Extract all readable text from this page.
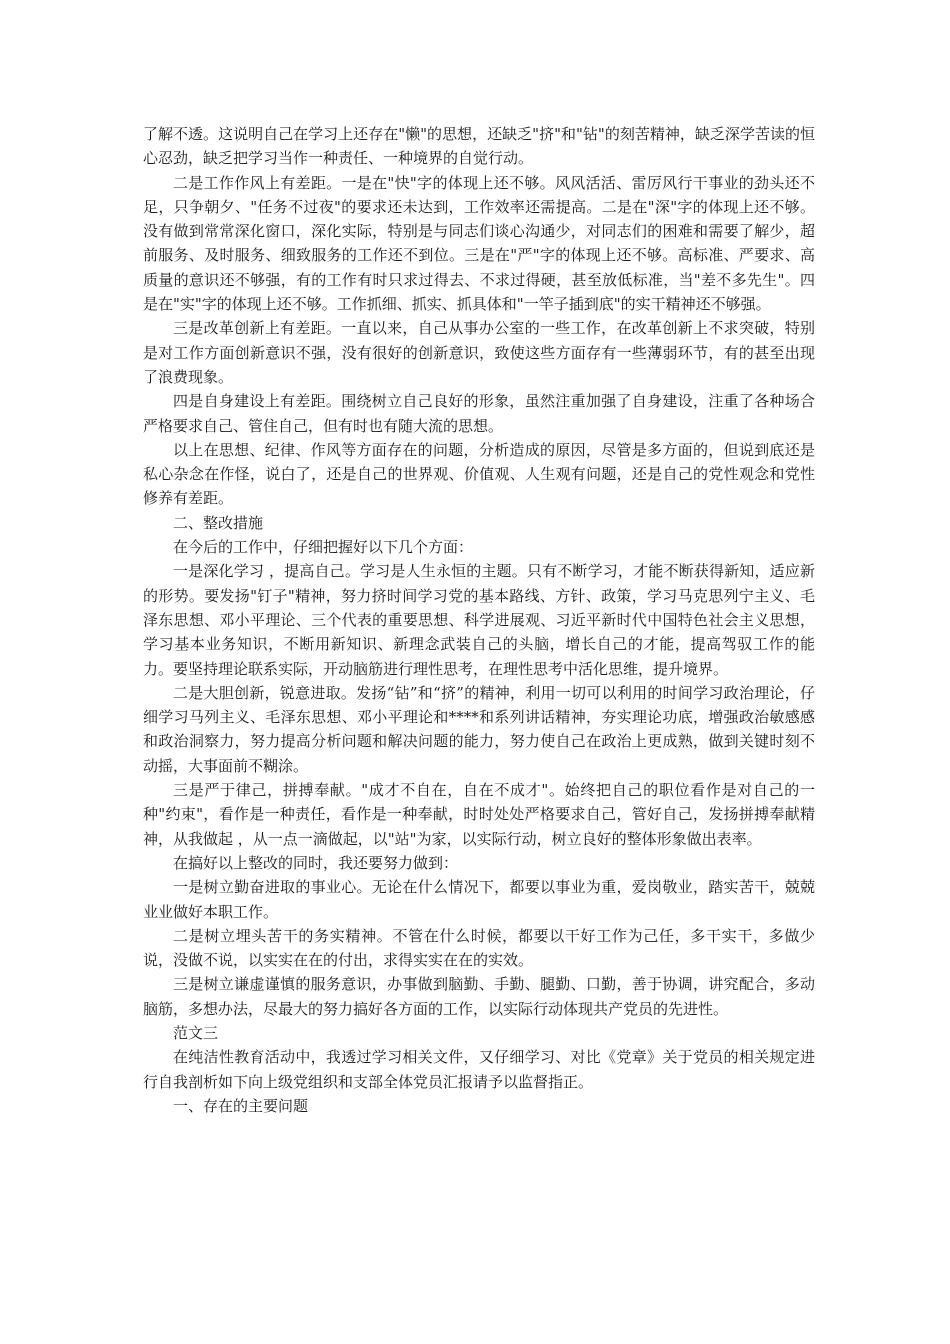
了解不透。这说明自己在学习上还存在"懒"的思想，还缺乏"挤"和"钻"的刻苦精神，缺乏深学苦读的恒心忍劲，缺乏把学习当作一种责任、一种境界的自觉行动。

二是工作作风上有差距。一是在"快"字的体现上还不够。风风活活、雷厉风行干事业的劲头还不足，只争朝夕、"任务不过夜"的要求还未达到，工作效率还需提高。二是在"深"字的体现上还不够。没有做到常常深化窗口，深化实际，特别是与同志们谈心沟通少，对同志们的困难和需要了解少，超前服务、及时服务、细致服务的工作还不到位。三是在"严"字的体现上还不够。高标准、严要求、高质量的意识还不够强，有的工作有时只求过得去、不求过得硬，甚至放低标准，当"差不多先生"。四是在"实"字的体现上还不够。工作抓细、抓实、抓具体和"一竿子插到底"的实干精神还不够强。

三是改革创新上有差距。一直以来，自己从事办公室的一些工作，在改革创新上不求突破，特别是对工作方面创新意识不强，没有很好的创新意识，致使这些方面存有一些薄弱环节，有的甚至出现了浪费现象。

四是自身建设上有差距。围绕树立自己良好的形象，虽然注重加强了自身建设，注重了各种场合严格要求自己、管住自己，但有时也有随大流的思想。

以上在思想、纪律、作风等方面存在的问题，分析造成的原因，尽管是多方面的，但说到底还是私心杂念在作怪，说白了，还是自己的世界观、价值观、人生观有问题，还是自己的党性观念和党性修养有差距。

二、整改措施

在今后的工作中，仔细把握好以下几个方面：

一是深化学习 ，提高自己。学习是人生永恒的主题。只有不断学习，才能不断获得新知，适应新的形势。要发扬"钉子"精神，努力挤时间学习党的基本路线、方针、政策，学习马克思列宁主义、毛泽东思想、邓小平理论、三个代表的重要思想、科学进展观、习近平新时代中国特色社会主义思想，学习基本业务知识，不断用新知识、新理念武装自己的头脑，增长自己的才能，提高驾驭工作的能力。要坚持理论联系实际，开动脑筋进行理性思考，在理性思考中活化思维，提升境界。

二是大胆创新，锐意进取。发扬“钻”和“挤”的精神，利用一切可以利用的时间学习政治理论，仔细学习马列主义、毛泽东思想、邓小平理论和****和系列讲话精神，夯实理论功底，增强政治敏感感和政治洞察力，努力提高分析问题和解决问题的能力，努力使自己在政治上更成熟，做到关键时刻不动摇，大事面前不糊涂。

三是严于律己，拼搏奉献。"成才不自在，自在不成才"。始终把自己的职位看作是对自己的一种"约束"，看作是一种责任，看作是一种奉献，时时处处严格要求自己，管好自己，发扬拼搏奉献精神，从我做起 ，从一点一滴做起，以"站"为家，以实际行动，树立良好的整体形象做出表率。

在搞好以上整改的同时，我还要努力做到：

一是树立勤奋进取的事业心。无论在什么情况下，都要以事业为重，爱岗敬业，踏实苦干，兢兢业业做好本职工作。

二是树立埋头苦干的务实精神。不管在什么时候，都要以干好工作为己任，多干实干，多做少说，没做不说，以实实在在的付出，求得实实在在的实效。

三是树立谦虚谨慎的服务意识，办事做到脑勤、手勤、腿勤、口勤，善于协调，讲究配合，多动脑筋，多想办法，尽最大的努力搞好各方面的工作，以实际行动体现共产党员的先进性。

范文三

在纯洁性教育活动中，我透过学习相关文件，又仔细学习、对比《党章》关于党员的相关规定进行自我剖析如下向上级党组织和支部全体党员汇报请予以监督指正。

一、存在的主要问题
